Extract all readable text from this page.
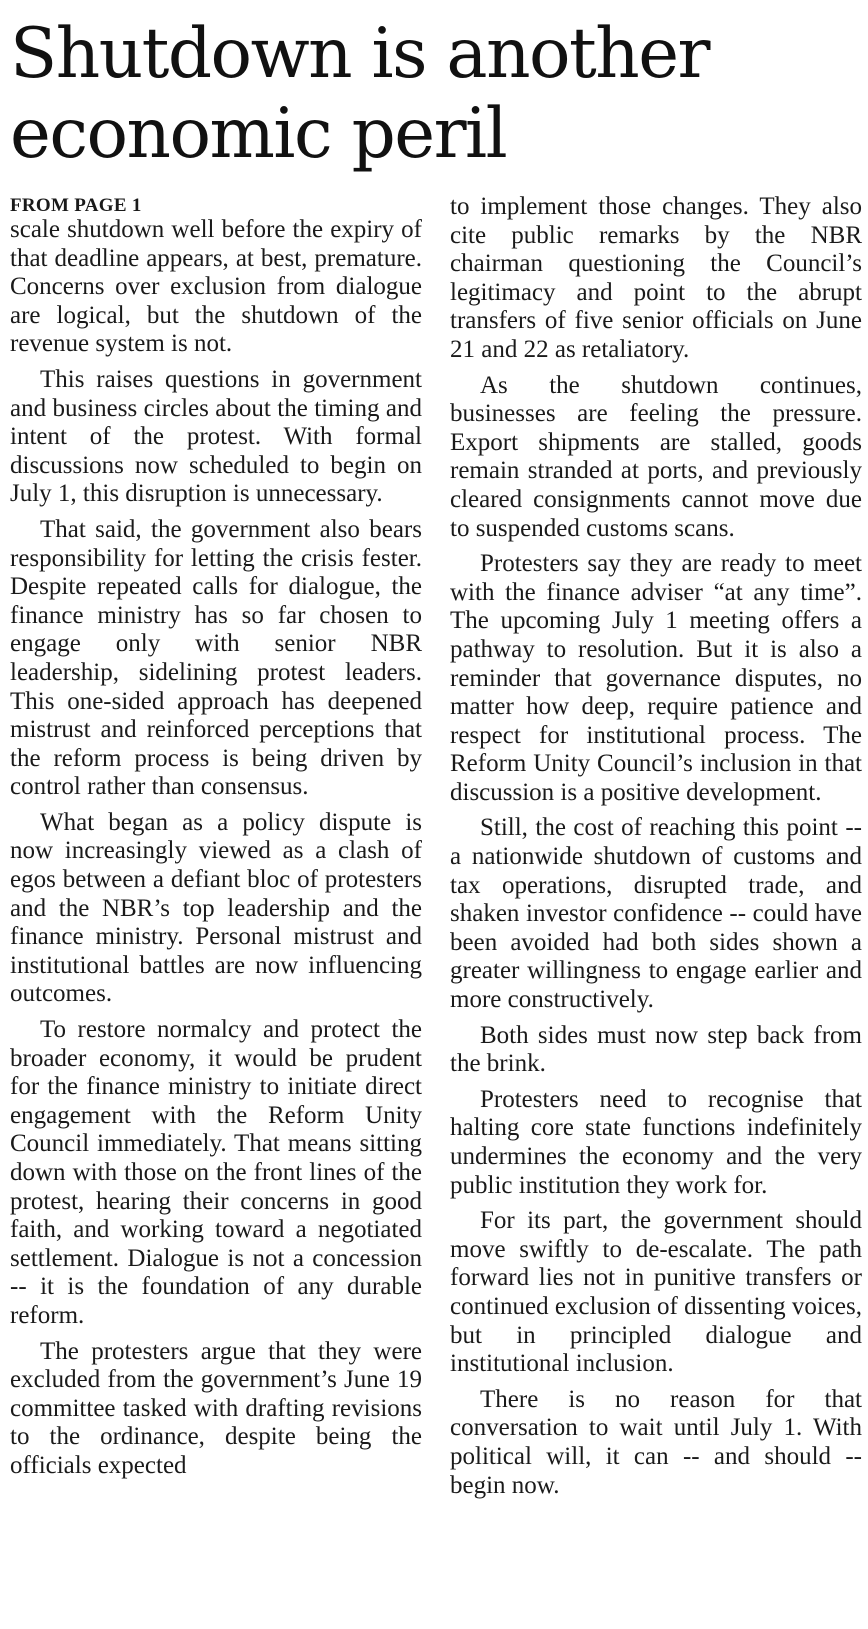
Shutdown is another economic peril
FROM PAGE 1

scale shutdown well before the expiry of that deadline appears, at best, premature. Concerns over exclusion from dialogue are logical, but the shutdown of the revenue system is not.

This raises questions in government and business circles about the timing and intent of the protest. With formal discussions now scheduled to begin on July 1, this disruption is unnecessary.

That said, the government also bears responsibility for letting the crisis fester. Despite repeated calls for dialogue, the finance ministry has so far chosen to engage only with senior NBR leadership, sidelining protest leaders. This one-sided approach has deepened mistrust and reinforced perceptions that the reform process is being driven by control rather than consensus.

What began as a policy dispute is now increasingly viewed as a clash of egos between a defiant bloc of protesters and the NBR’s top leadership and the finance ministry. Personal mistrust and institutional battles are now influencing outcomes.

To restore normalcy and protect the broader economy, it would be prudent for the finance ministry to initiate direct engagement with the Reform Unity Council immediately. That means sitting down with those on the front lines of the protest, hearing their concerns in good faith, and working toward a negotiated settlement. Dialogue is not a concession -- it is the foundation of any durable reform.

The protesters argue that they were excluded from the government’s June 19 committee tasked with drafting revisions to the ordinance, despite being the officials expected

to implement those changes. They also cite public remarks by the NBR chairman questioning the Council’s legitimacy and point to the abrupt transfers of five senior officials on June 21 and 22 as retaliatory.

As the shutdown continues, businesses are feeling the pressure. Export shipments are stalled, goods remain stranded at ports, and previously cleared consignments cannot move due to suspended customs scans.

Protesters say they are ready to meet with the finance adviser “at any time”. The upcoming July 1 meeting offers a pathway to resolution. But it is also a reminder that governance disputes, no matter how deep, require patience and respect for institutional process. The Reform Unity Council’s inclusion in that discussion is a positive development.

Still, the cost of reaching this point -- a nationwide shutdown of customs and tax operations, disrupted trade, and shaken investor confidence -- could have been avoided had both sides shown a greater willingness to engage earlier and more constructively.

Both sides must now step back from the brink.

Protesters need to recognise that halting core state functions indefinitely undermines the economy and the very public institution they work for.

For its part, the government should move swiftly to de-escalate. The path forward lies not in punitive transfers or continued exclusion of dissenting voices, but in principled dialogue and institutional inclusion.

There is no reason for that conversation to wait until July 1. With political will, it can -- and should -- begin now.
